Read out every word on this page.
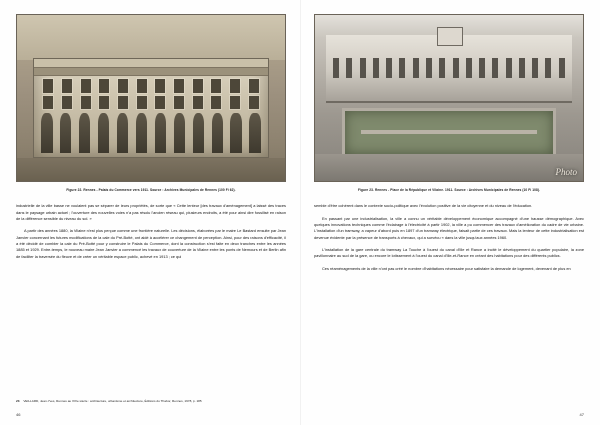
Figure 22. Rennes - Palais du Commerce vers 1911. Source : Archives Municipales de Rennes (100 Fi 62).

industrielle de la ville basse ne voulaient pas se séparer de leurs propriétés, de sorte que « Cette lenteur [des travaux d'aménagement] a laissé des traces dans le paysage urbain actuel ; l'ouverture des nouvelles voies n'a pas résolu l'ancien réseau qui, plusieurs endroits, a été pour ainsi dire fossilisé en raison de la différence sensible du niveau du sol. »

A partir des années 1880, la Vilaine n'est plus perçue comme une frontière naturelle. Les décisions, élaborées par le maire Le Bastard ensuite par Jean Janvier concernant les futures modifications de la cale du Pré-Botté, ont aidé à accélérer ce changement de perception. Ainsi, pour des raisons d'efficacité, il a été décidé de combler la cale du Pré-Botté pour y construire le Palais du Commerce, dont la construction s'est faite en deux tranches entre les années 1885 et 1929. Entre-temps, le nouveau maire Jean Janvier a commencé les travaux de couverture de la Vilaine entre les ponts de Nemours et de Berlin afin de faciliter la traversée du fleuve et de créer un véritable espace public, achevé en 1913 ; ce qui

23 VEILLARD, Jean-Yves, Rennes au XIXe siècle : architecture, urbanisme et architecture, Éditions du Thabor, Rennes, 1978, p. 185
46
Photo
Figure 23. Rennes - Place de la République et Vilaine. 1911. Source : Archives Municipales de Rennes (10 Fi 108).

semble d'être cohérent dans le contexte socio-politique avec l'évolution positive de la vie citoyenne et du niveau de l'éducation.

En passant par une industrialisation, la ville a connu un véritable développement économique accompagné d'une hausse démographique. Avec quelques innovations techniques comme l'éclairage à l'électricité à partir 1902, la ville a pu commencer des travaux d'amélioration du cadre de vie urbaine. L'installation d'un tramway, a vapeur d'abord puis en 1897 d'un tramway électrique, faisait partie de ces travaux. Mais la lenteur de cette industrialisation est devenue évidente par la présence de transports à chevaux, qui a survécu « dans la ville jusqu'aux années 1960.

L'installation de la gare centrale du tramway La Touche à l'ouest du canal d'Ille et Rance a incité le développement du quartier populaire, la zone pavillonnaire au sud de la gare, ou encore le lotissement à l'ouest du canal d'Ille-et-Rance en créant des habitations pour des différents publics.

Ces réaménagements de la ville n'ont pas créé le nombre d'habitations nécessaire pour satisfaire la demande de logement, devenant de plus en

47
